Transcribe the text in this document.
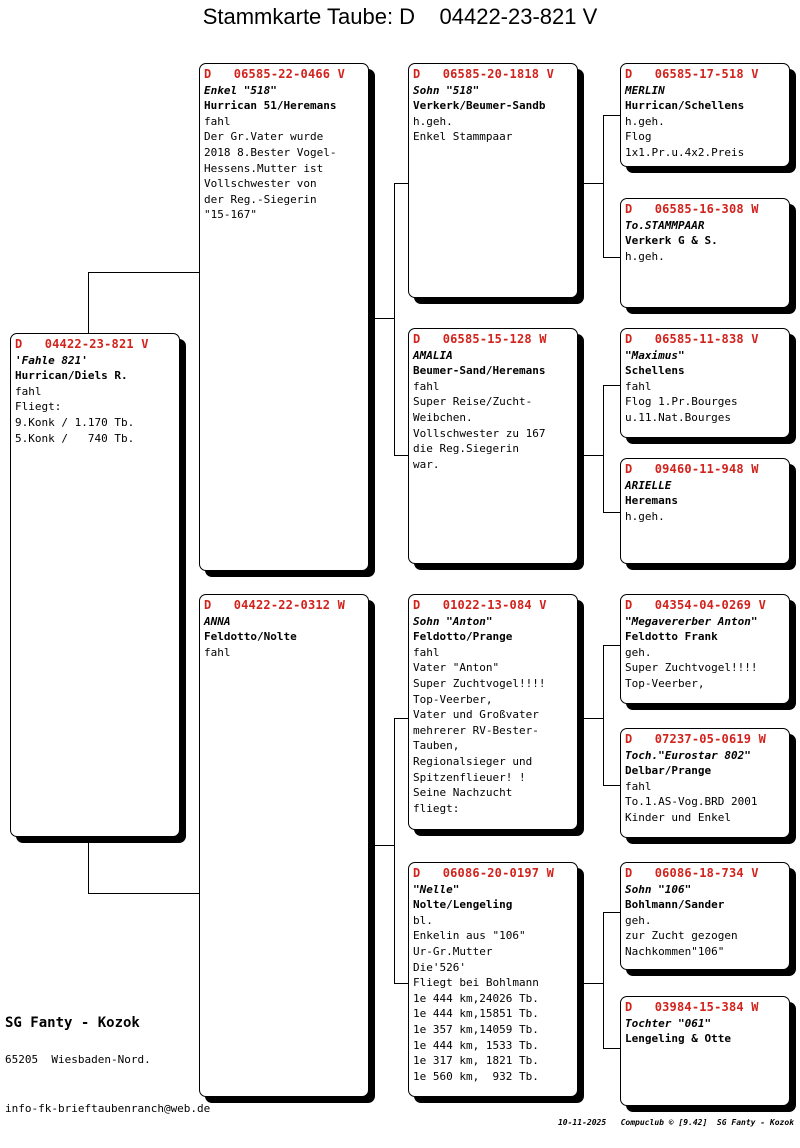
Stammkarte Taube: D    04422-23-821 V
D   04422-23-821 V
'Fahle 821'
Hurrican/Diels R.
fahl
Fliegt:
9.Konk / 1.170 Tb.
5.Konk /   740 Tb.
D   06585-22-0466 V
Enkel "518"
Hurrican 51/Heremans
fahl
Der Gr.Vater wurde
2018 8.Bester Vogel-
Hessens.Mutter ist
Vollschwester von
der Reg.-Siegerin
"15-167"
D   04422-22-0312 W
ANNA
Feldotto/Nolte
fahl
D   06585-20-1818 V
Sohn "518"
Verkerk/Beumer-Sandb
h.geh.
Enkel Stammpaar
D   06585-15-128 W
AMALIA
Beumer-Sand/Heremans
fahl
Super Reise/Zucht-
Weibchen.
Vollschwester zu 167
die Reg.Siegerin
war.
D   01022-13-084 V
Sohn "Anton"
Feldotto/Prange
fahl
Vater "Anton"
Super Zuchtvogel!!!!
Top-Veerber,
Vater und Großvater
mehrerer RV-Bester-
Tauben,
Regionalsieger und
Spitzenflieuer! !
Seine Nachzucht
fliegt:
D   06086-20-0197 W
"Nelle"
Nolte/Lengeling
bl.
Enkelin aus "106"
Ur-Gr.Mutter
Die'526'
Fliegt bei Bohlmann
1e 444 km,24026 Tb.
1e 444 km,15851 Tb.
1e 357 km,14059 Tb.
1e 444 km, 1533 Tb.
1e 317 km, 1821 Tb.
1e 560 km,  932 Tb.
D   06585-17-518 V
MERLIN
Hurrican/Schellens
h.geh.
Flog
1x1.Pr.u.4x2.Preis
D   06585-16-308 W
To.STAMMPAAR
Verkerk G & S.
h.geh.
D   06585-11-838 V
"Maximus"
Schellens
fahl
Flog 1.Pr.Bourges
u.11.Nat.Bourges
D   09460-11-948 W
ARIELLE
Heremans
h.geh.
D   04354-04-0269 V
"Megavererber Anton"
Feldotto Frank
geh.
Super Zuchtvogel!!!!
Top-Veerber,
D   07237-05-0619 W
Toch."Eurostar 802"
Delbar/Prange
fahl
To.1.AS-Vog.BRD 2001
Kinder und Enkel
D   06086-18-734 V
Sohn "106"
Bohlmann/Sander
geh.
zur Zucht gezogen
Nachkommen"106"
D   03984-15-384 W
Tochter "061"
Lengeling & Otte
SG Fanty - Kozok
65205  Wiesbaden-Nord.
info-fk-brieftaubenranch@web.de
10-11-2025   Compuclub © [9.42]  SG Fanty - Kozok
